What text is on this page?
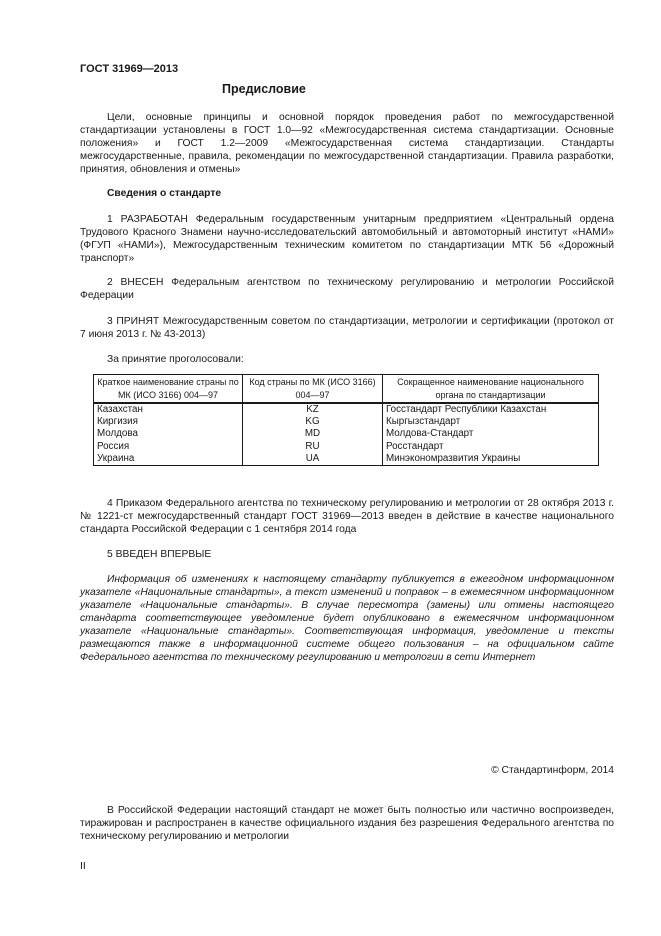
ГОСТ 31969—2013
Предисловие
Цели, основные принципы и основной порядок проведения работ по межгосударственной стандартизации установлены в ГОСТ 1.0—92 «Межгосударственная система стандартизации. Основные положения» и ГОСТ 1.2—2009 «Межгосударственная система стандартизации. Стандарты межгосударственные, правила, рекомендации по межгосударственной стандартизации. Правила разработки, принятия, обновления и отмены»
Сведения о стандарте
1 РАЗРАБОТАН Федеральным государственным унитарным предприятием «Центральный ордена Трудового Красного Знамени научно-исследовательский автомобильный и автомоторный институт «НАМИ» (ФГУП «НАМИ»), Межгосударственным техническим комитетом по стандартизации МТК 56 «Дорожный транспорт»
2 ВНЕСЕН Федеральным агентством по техническому регулированию и метрологии Российской Федерации
3 ПРИНЯТ Межгосударственным советом по стандартизации, метрологии и сертификации (протокол от 7 июня 2013 г. № 43-2013)
За принятие проголосовали:
Краткое наименование страны по МК (ИСО 3166) 004—97	Код страны по МК (ИСО 3166) 004—97	Сокращенное наименование национального органа по стандартизации
Казахстан	KZ	Госстандарт Республики Казахстан
Киргизия	KG	Кыргызстандарт
Молдова	MD	Молдова-Стандарт
Россия	RU	Росстандарт
Украина	UA	Минэкономразвития Украины
4 Приказом Федерального агентства по техническому регулированию и метрологии от 28 октября 2013 г. № 1221-ст межгосударственный стандарт ГОСТ 31969—2013 введен в действие в качестве национального стандарта Российской Федерации с 1 сентября 2014 года
5 ВВЕДЕН ВПЕРВЫЕ
Информация об изменениях к настоящему стандарту публикуется в ежегодном информационном указателе «Национальные стандарты», а текст изменений и поправок – в ежемесячном информационном указателе «Национальные стандарты». В случае пересмотра (замены) или отмены настоящего стандарта соответствующее уведомление будет опубликовано в ежемесячном информационном указателе «Национальные стандарты». Соответствующая информация, уведомление и тексты размещаются также в информационной системе общего пользования – на официальном сайте Федерального агентства по техническому регулированию и метрологии в сети Интернет
© Стандартинформ, 2014
В Российской Федерации настоящий стандарт не может быть полностью или частично воспроизведен, тиражирован и распространен в качестве официального издания без разрешения Федерального агентства по техническому регулированию и метрологии
II
